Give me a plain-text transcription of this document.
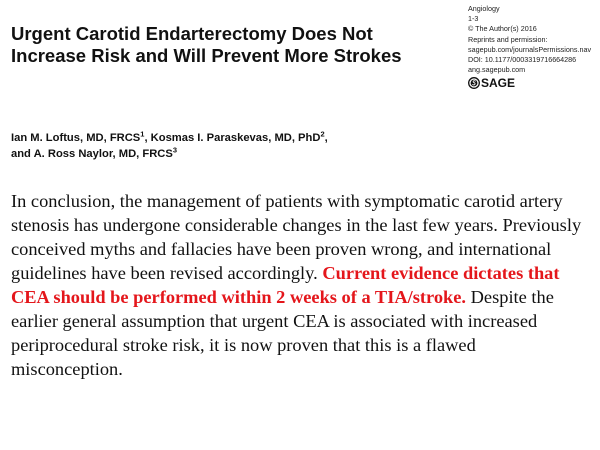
Urgent Carotid Endarterectomy Does Not Increase Risk and Will Prevent More Strokes
Angiology
1-3
© The Author(s) 2016
Reprints and permission:
sagepub.com/journalsPermissions.nav
DOI: 10.1177/0003319716664286
ang.sagepub.com
SAGE
Ian M. Loftus, MD, FRCS$^1$, Kosmas I. Paraskevas, MD, PhD$^2$,
and A. Ross Naylor, MD, FRCS$^3$

In conclusion, the management of patients with symptomatic carotid artery stenosis has undergone considerable changes in the last few years. Previously conceived myths and fallacies have been proven wrong, and international guidelines have been revised accordingly. Current evidence dictates that CEA should be performed within 2 weeks of a TIA/stroke. Despite the earlier general assumption that urgent CEA is associated with increased periprocedural stroke risk, it is now proven that this is a flawed misconception.
